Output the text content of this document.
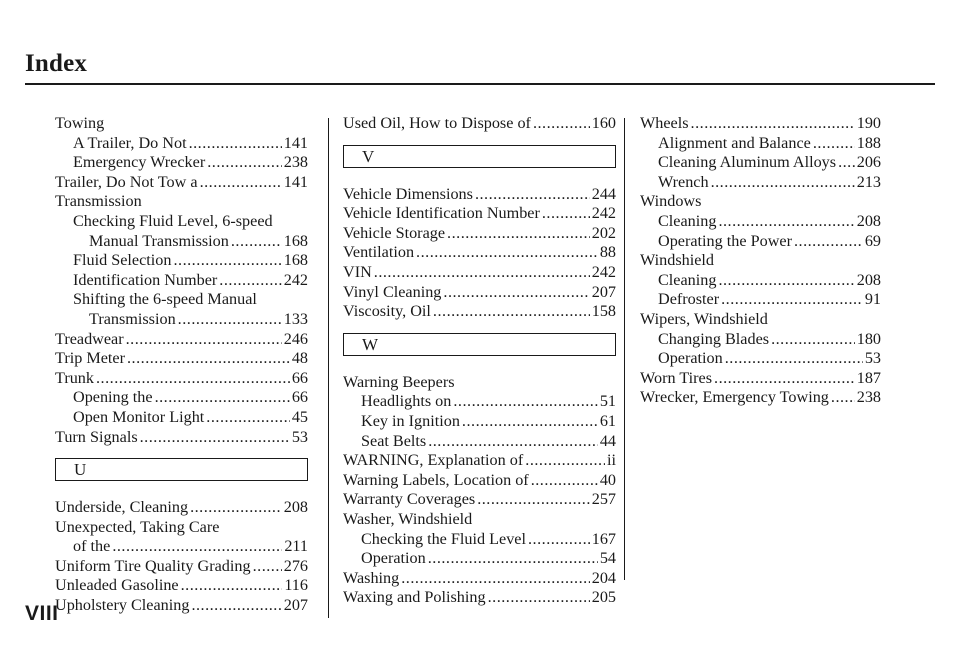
Index
Towing
A Trailer, Do Not .....	141
Emergency Wrecker .....	238
Trailer, Do Not Tow a .....	141
Transmission
Checking Fluid Level, 6-speed
Manual Transmission .....	168
Fluid Selection .....	168
Identification Number .....	242
Shifting the 6-speed Manual
Transmission .....	133
Treadwear .....	246
Trip Meter .....	48
Trunk .....	66
Opening the .....	66
Open Monitor Light .....	45
Turn Signals .....	53
U
Underside, Cleaning .....	208
Unexpected, Taking Care
of the .....	211
Uniform Tire Quality Grading ..... 276
Unleaded Gasoline .....	116
Upholstery Cleaning .....	207
Used Oil, How to Dispose of .....	160
V
Vehicle Dimensions .....	244
Vehicle Identification Number .....	242
Vehicle Storage .....	202
Ventilation .....	88
VIN .....	242
Vinyl Cleaning .....	207
Viscosity, Oil .....	158
W
Warning Beepers
Headlights on .....	51
Key in Ignition .....	61
Seat Belts .....	44
WARNING, Explanation of .....	ii
Warning Labels, Location of .....	40
Warranty Coverages .....	257
Washer, Windshield
Checking the Fluid Level .....	167
Operation .....	54
Washing .....	204
Waxing and Polishing .....	205
Wheels .....	190
Alignment and Balance .....	188
Cleaning Aluminum Alloys ..... 206
Wrench .....	213
Windows
Cleaning .....	208
Operating the Power .....	69
Windshield
Cleaning .....	208
Defroster .....	91
Wipers, Windshield
Changing Blades .....	180
Operation .....	53
Worn Tires .....	187
Wrecker, Emergency Towing ..... 238
VIII
